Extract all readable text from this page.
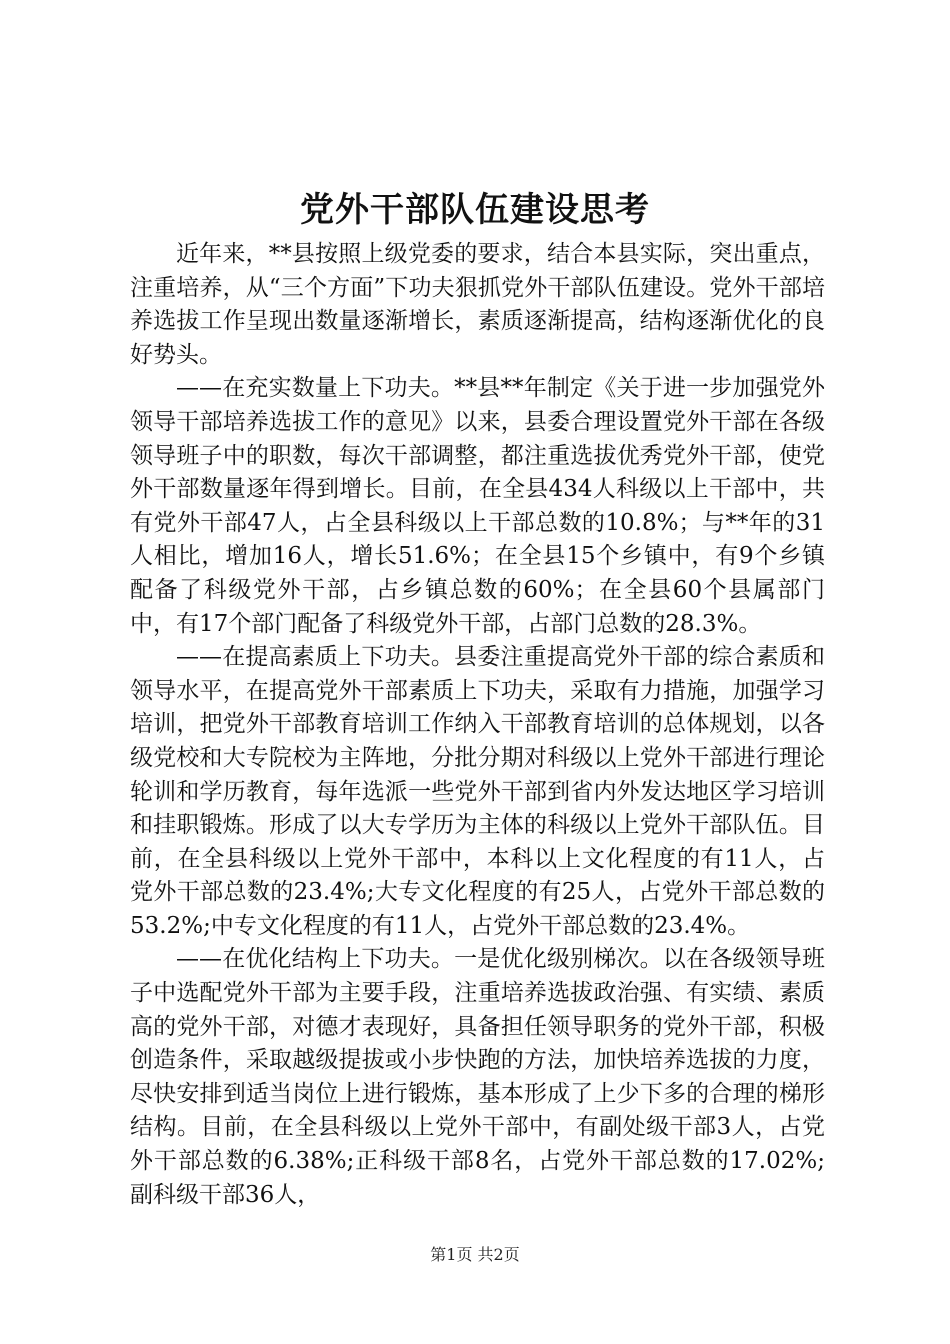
党外干部队伍建设思考

近年来，**县按照上级党委的要求，结合本县实际，突出重点，注重培养，从“三个方面”下功夫狠抓党外干部队伍建设。党外干部培养选拔工作呈现出数量逐渐增长，素质逐渐提高，结构逐渐优化的良好势头。

——在充实数量上下功夫。**县**年制定《关于进一步加强党外领导干部培养选拔工作的意见》以来，县委合理设置党外干部在各级领导班子中的职数，每次干部调整，都注重选拔优秀党外干部，使党外干部数量逐年得到增长。目前，在全县434人科级以上干部中，共有党外干部47人，占全县科级以上干部总数的10.8%；与**年的31人相比，增加16人，增长51.6%；在全县15个乡镇中，有9个乡镇配备了科级党外干部，占乡镇总数的60%；在全县60个县属部门中，有17个部门配备了科级党外干部，占部门总数的28.3%。

——在提高素质上下功夫。县委注重提高党外干部的综合素质和领导水平，在提高党外干部素质上下功夫，采取有力措施，加强学习培训，把党外干部教育培训工作纳入干部教育培训的总体规划，以各级党校和大专院校为主阵地，分批分期对科级以上党外干部进行理论轮训和学历教育，每年选派一些党外干部到省内外发达地区学习培训和挂职锻炼。形成了以大专学历为主体的科级以上党外干部队伍。目前，在全县科级以上党外干部中，本科以上文化程度的有11人，占党外干部总数的23.4%;大专文化程度的有25人，占党外干部总数的53.2%;中专文化程度的有11人，占党外干部总数的23.4%。

——在优化结构上下功夫。一是优化级别梯次。以在各级领导班子中选配党外干部为主要手段，注重培养选拔政治强、有实绩、素质高的党外干部，对德才表现好，具备担任领导职务的党外干部，积极创造条件，采取越级提拔或小步快跑的方法，加快培养选拔的力度，尽快安排到适当岗位上进行锻炼，基本形成了上少下多的合理的梯形结构。目前，在全县科级以上党外干部中，有副处级干部3人，占党外干部总数的6.38%;正科级干部8名，占党外干部总数的17.02%;副科级干部36人，

第1页 共2页
